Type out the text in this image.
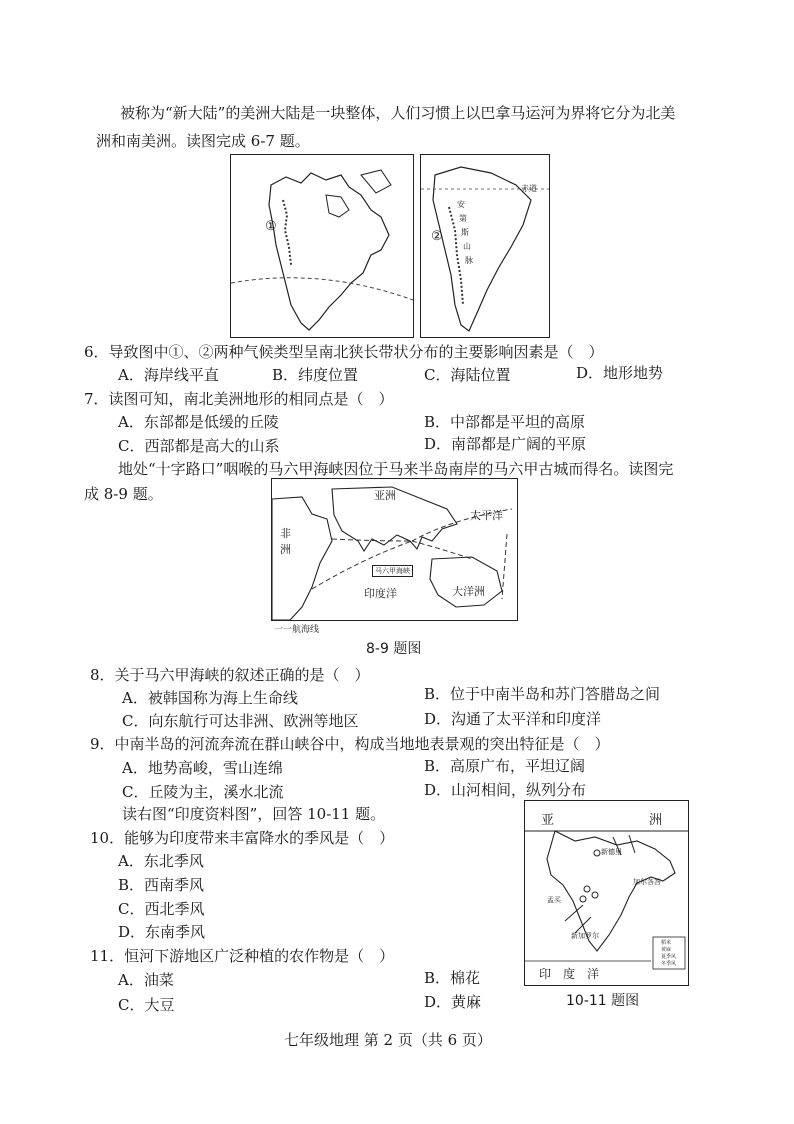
被称为“新大陆”的美洲大陆是一块整体，人们习惯上以巴拿马运河为界将它分为北美
洲和南美洲。读图完成 6-7 题。
①
②
赤道
安
第
斯
山
脉
6．导致图中①、②两种气候类型呈南北狭长带状分布的主要影响因素是（　）
A．海岸线平直	B．纬度位置	C．海陆位置	D．地形地势
7．读图可知，南北美洲地形的相同点是（　）
A．东部都是低缓的丘陵	B．中部都是平坦的高原
C．西部都是高大的山系	D．南部都是广阔的平原
地处“十字路口”咽喉的马六甲海峡因位于马来半岛南岸的马六甲古城而得名。读图完
成 8-9 题。	亚洲
非
洲
太平洋
印度洋	大洋洲
马六甲海峡
一一航海线
8-9 题图
8．关于马六甲海峡的叙述正确的是（　）
A．被韩国称为海上生命线	B．位于中南半岛和苏门答腊岛之间
C．向东航行可达非洲、欧洲等地区	D．沟通了太平洋和印度洋
9．中南半岛的河流奔流在群山峡谷中，构成当地地表景观的突出特征是（　）
A．地势高峻，雪山连绵	B．高原广布，平坦辽阔
C．丘陵为主，溪水北流	D．山河相间，纵列分布
读右图“印度资料图”，回答 10-11 题。
10．能够为印度带来丰富降水的季风是（　）
A．东北季风
B．西南季风
C．西北季风
D．东南季风
11．恒河下游地区广泛种植的农作物是（　）
A．油菜	B．棉花
C．大豆	D．黄麻
亚	洲
新德里
加尔各答
孟买
新加罗尔
印　度　洋
稻米
黄麻
夏季风
冬季风
10-11 题图
七年级地理 第 2 页（共 6 页）
